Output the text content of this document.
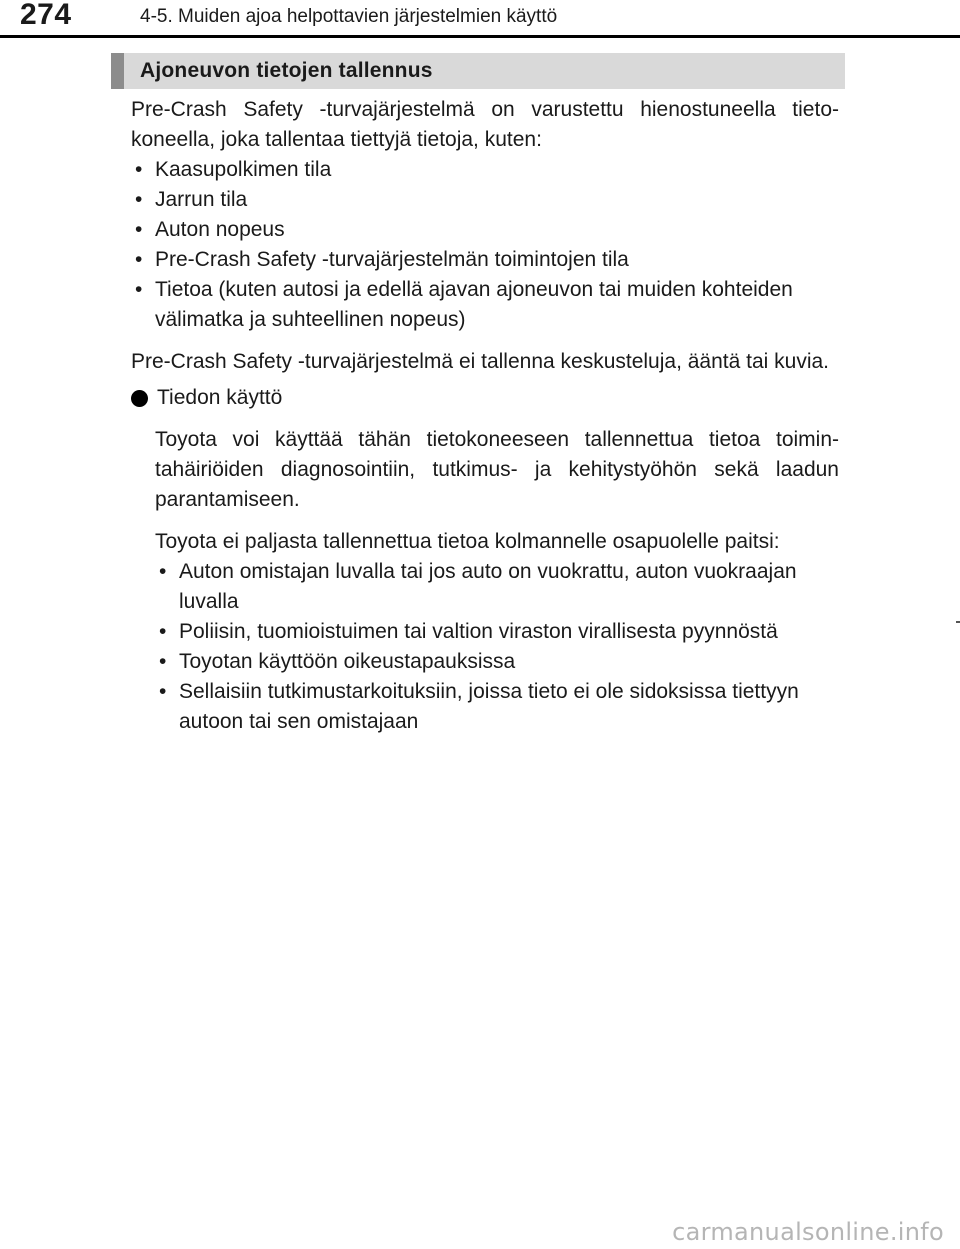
274	4-5. Muiden ajoa helpottavien järjestelmien käyttö
Ajoneuvon tietojen tallennus

Pre-Crash Safety -turvajärjestelmä on varustettu hienostuneella tieto-koneella, joka tallentaa tiettyjä tietoja, kuten:

• Kaasupolkimen tila
• Jarrun tila
• Auton nopeus
• Pre-Crash Safety -turvajärjestelmän toimintojen tila
• Tietoa (kuten autosi ja edellä ajavan ajoneuvon tai muiden kohteiden välimatka ja suhteellinen nopeus)

Pre-Crash Safety -turvajärjestelmä ei tallenna keskusteluja, ääntä tai kuvia.

Tiedon käyttö

Toyota voi käyttää tähän tietokoneeseen tallennettua tietoa toimin-tahäiriöiden diagnosointiin, tutkimus- ja kehitystyöhön sekä laadun parantamiseen.

Toyota ei paljasta tallennettua tietoa kolmannelle osapuolelle paitsi:

• Auton omistajan luvalla tai jos auto on vuokrattu, auton vuokraajan luvalla
• Poliisin, tuomioistuimen tai valtion viraston virallisesta pyynnöstä
• Toyotan käyttöön oikeustapauksissa
• Sellaisiin tutkimustarkoituksiin, joissa tieto ei ole sidoksissa tiettyyn autoon tai sen omistajaan
carmanualsonline.info
